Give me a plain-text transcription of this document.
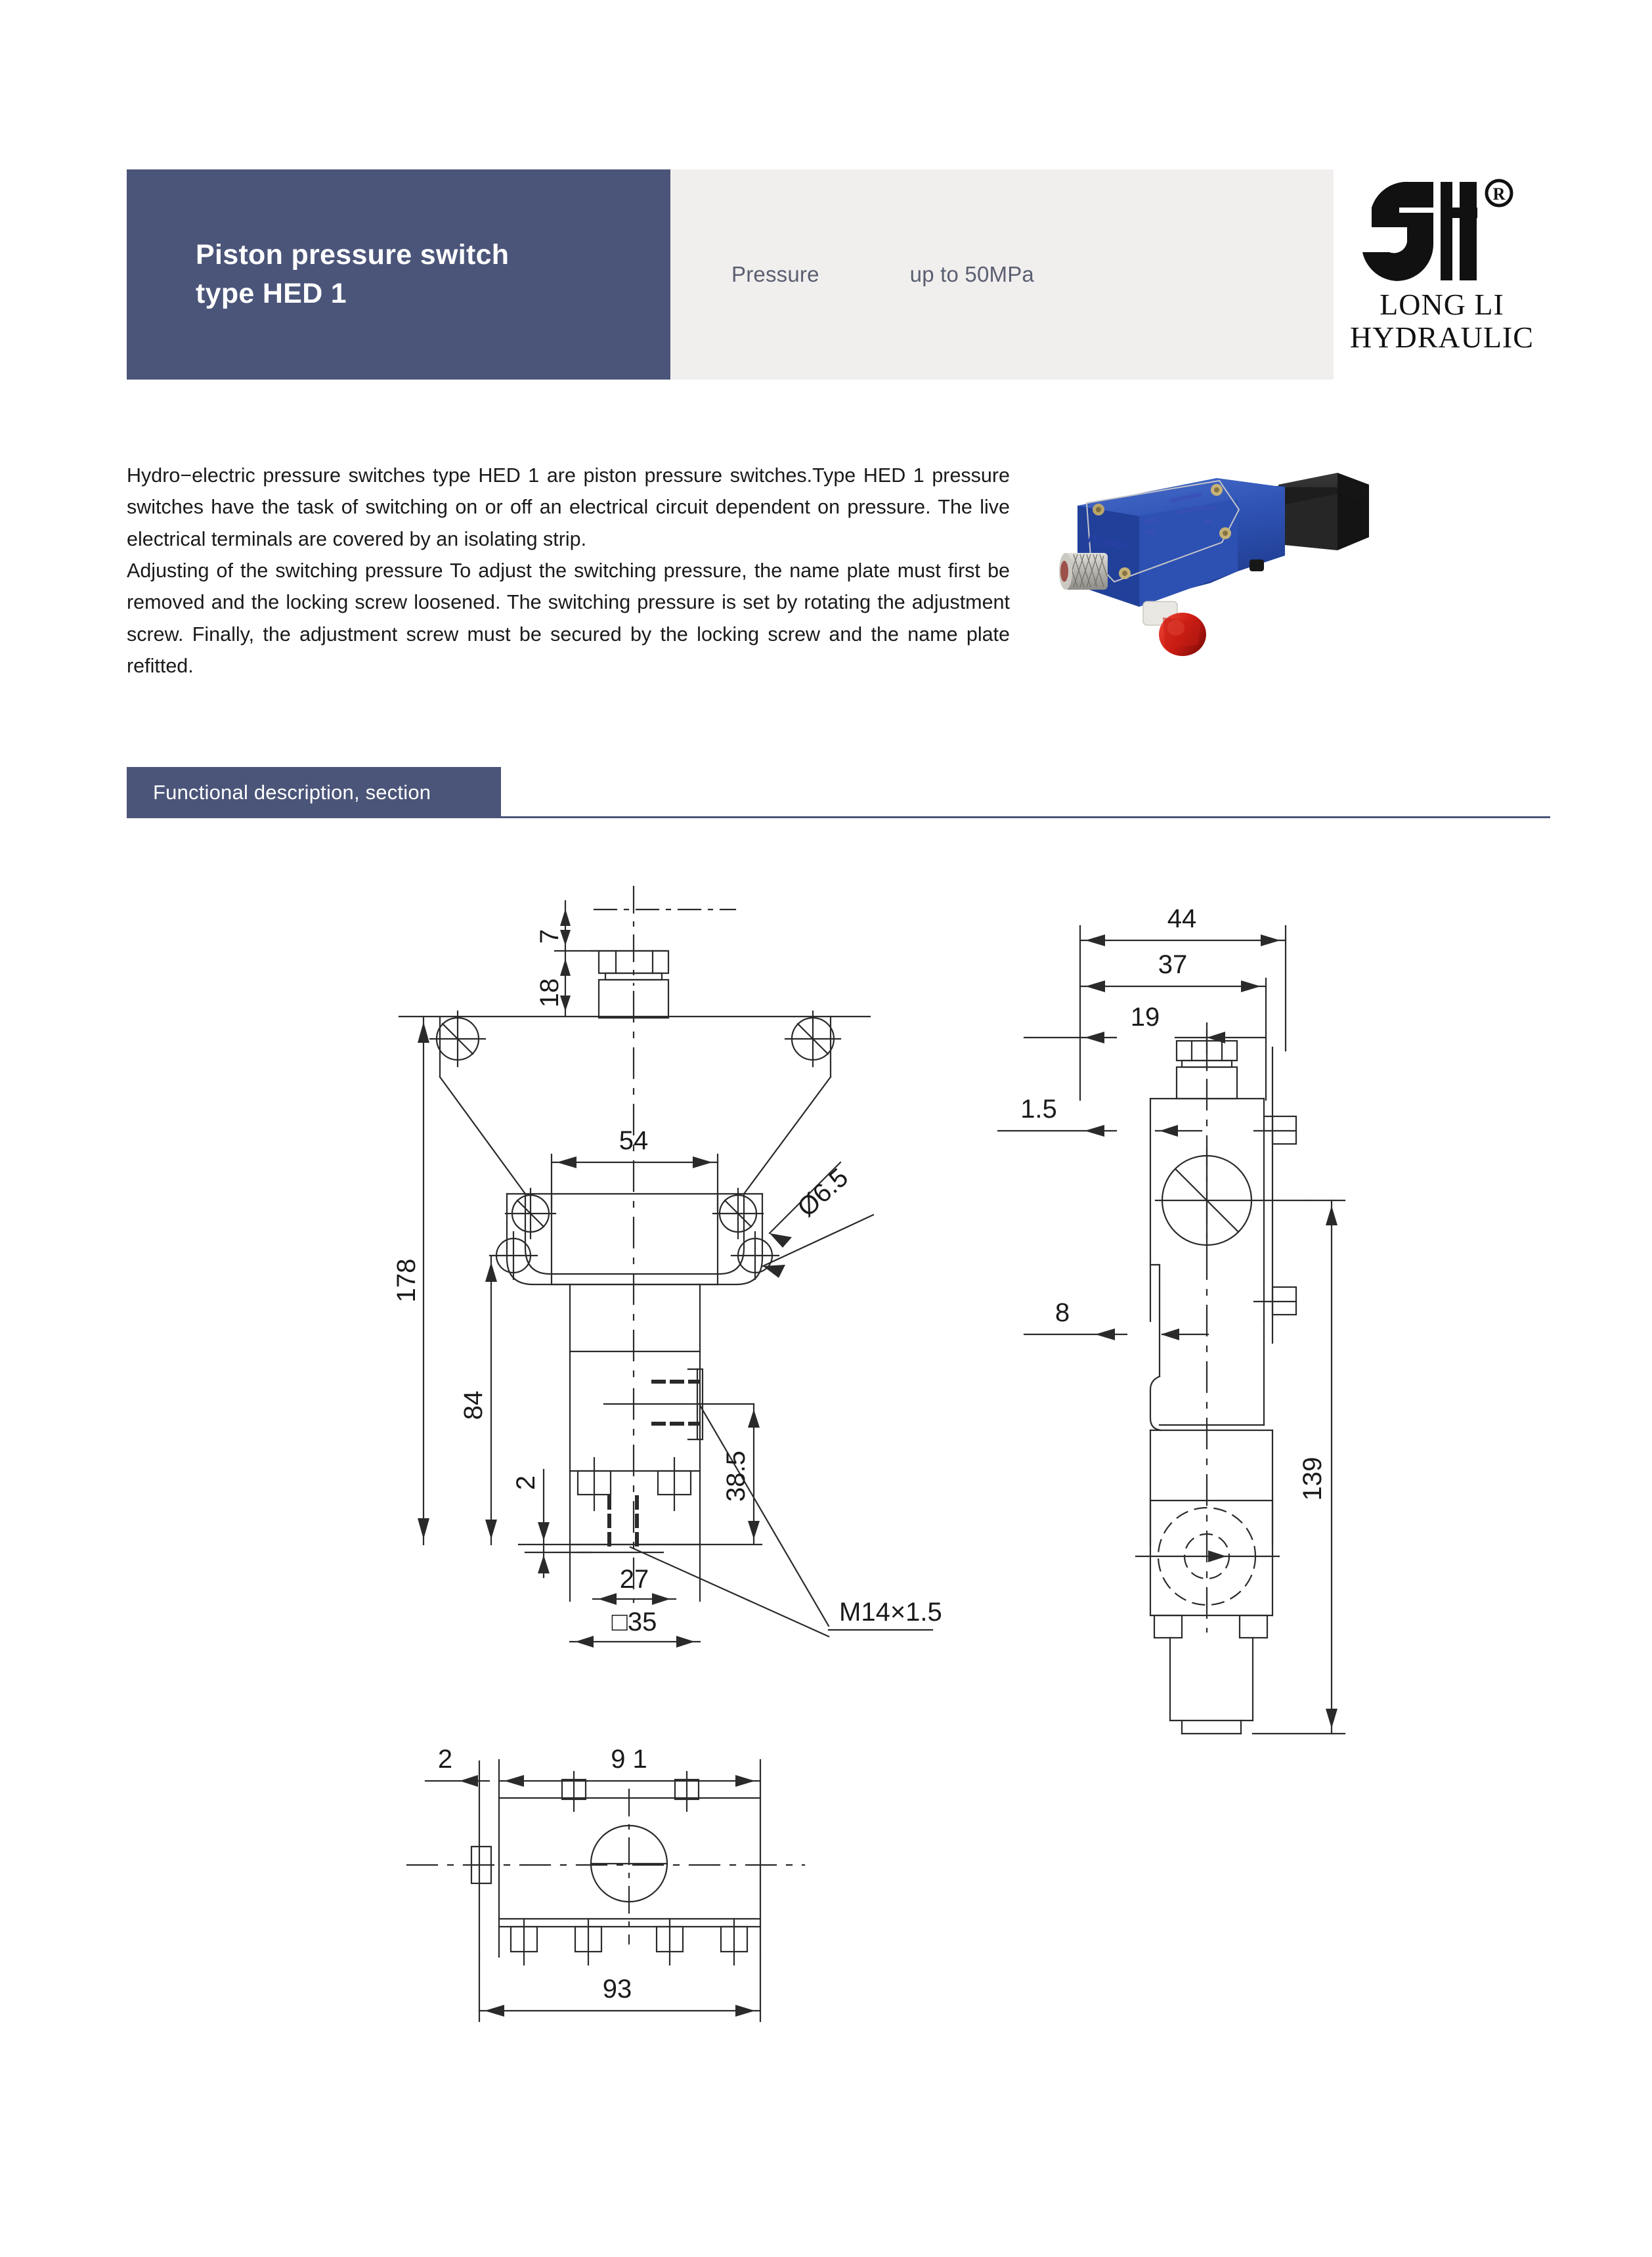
Piston pressure switch
type HED 1
Pressure	up to 50MPa
R
LONG LI
HYDRAULIC

Hydro−electric pressure switches type HED 1 are piston pressure switches.Type HED 1 pressure switches have the task of switching on or off an electrical circuit dependent on pressure. The live electrical terminals are covered by an isolating strip.

Adjusting of the switching pressure To adjust the switching pressure, the name plate must first be removed and the locking screw loosened. The switching pressure is set by rotating the adjustment screw. Finally, the adjustment screw must be secured by the locking screw and the name plate refitted.

LONG LI
Functional description, section
7
18
178
54
Ø6.5
84
2	38.5
27
□35	M14×1.5
44
37
19
1.5
8
139
2	9 1
93
